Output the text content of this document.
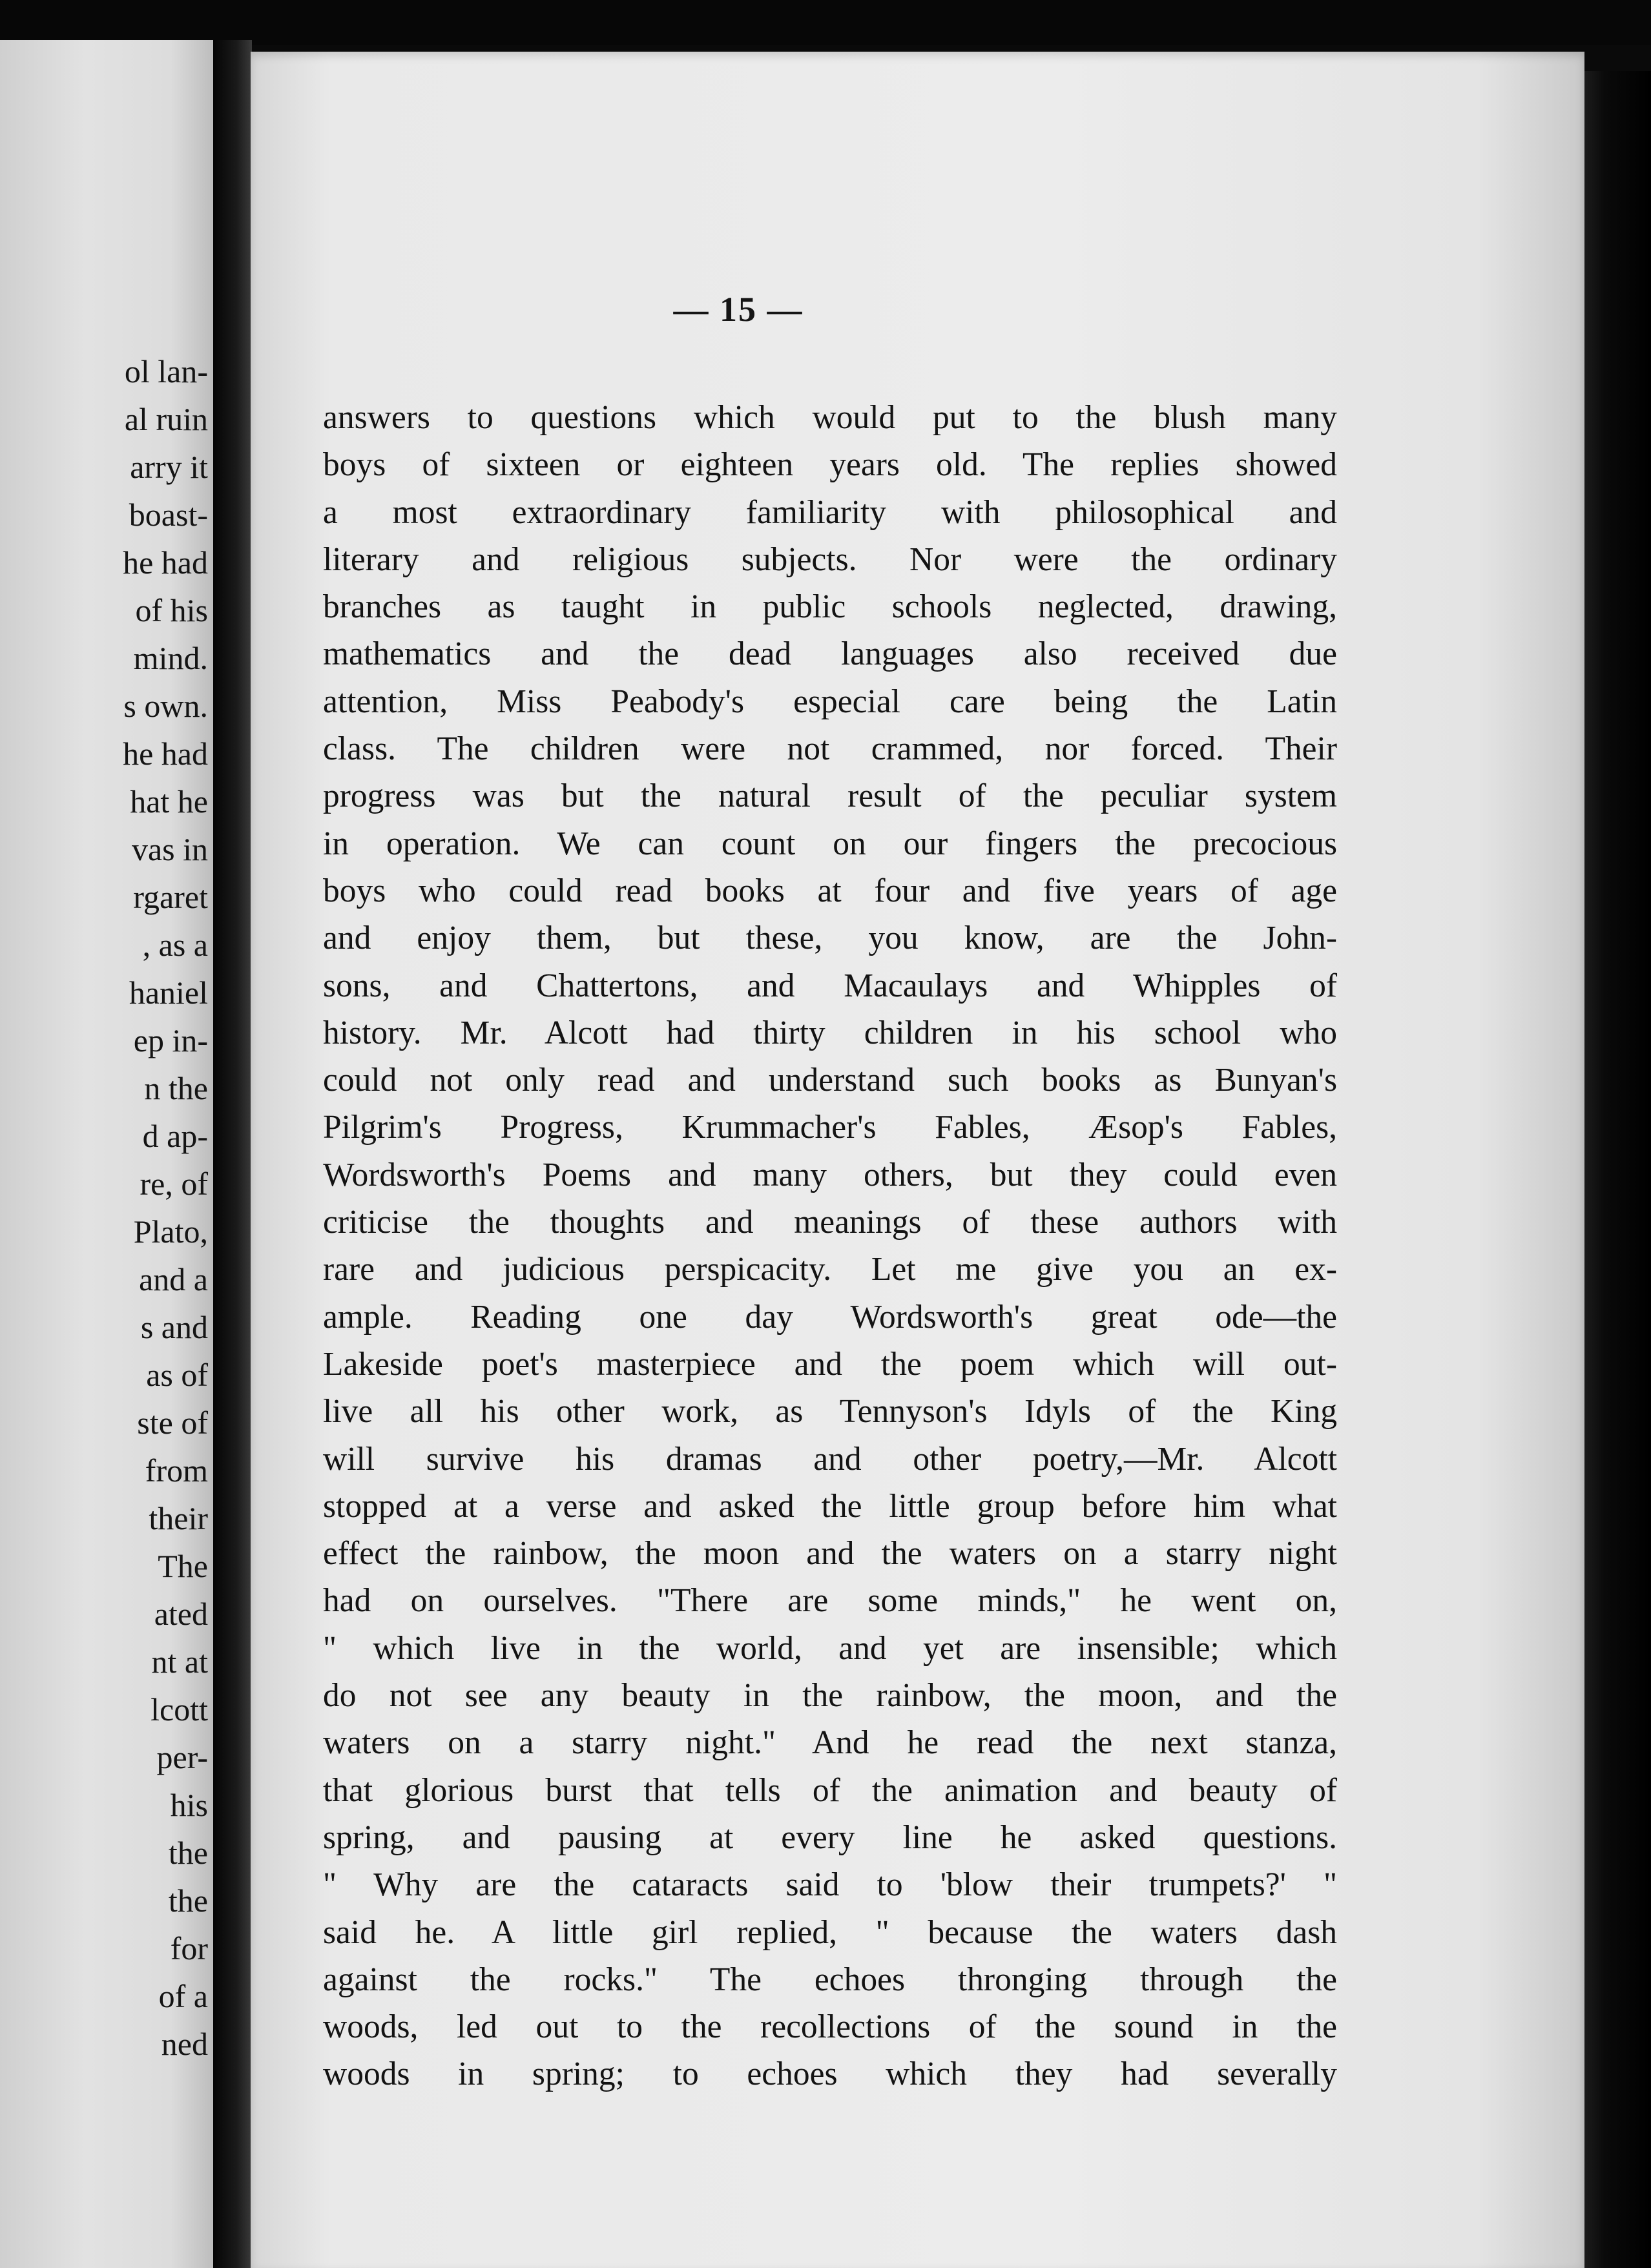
ol lan-
al ruin
arry it
boast-
he had
of his
mind.
s own.
he had
hat he
vas in
rgaret
, as a
haniel
ep in-
n the
d ap-
re, of
Plato,
and a
s and
as of
ste of
from
their
The
ated
nt at
lcott
per-
his
the
the
for
of a
ned
— 15 —
answers to questions which would put to the blush many
boys of sixteen or eighteen years old. The replies showed
a most extraordinary familiarity with philosophical and
literary and religious subjects. Nor were the ordinary
branches as taught in public schools neglected, drawing,
mathematics and the dead languages also received due
attention, Miss Peabody's especial care being the Latin
class. The children were not crammed, nor forced. Their
progress was but the natural result of the peculiar system
in operation. We can count on our fingers the precocious
boys who could read books at four and five years of age
and enjoy them, but these, you know, are the John-
sons, and Chattertons, and Macaulays and Whipples of
history. Mr. Alcott had thirty children in his school who
could not only read and understand such books as Bunyan's
Pilgrim's Progress, Krummacher's Fables, Æsop's Fables,
Wordsworth's Poems and many others, but they could even
criticise the thoughts and meanings of these authors with
rare and judicious perspicacity. Let me give you an ex-
ample. Reading one day Wordsworth's great ode—the
Lakeside poet's masterpiece and the poem which will out-
live all his other work, as Tennyson's Idyls of the King
will survive his dramas and other poetry,—Mr. Alcott
stopped at a verse and asked the little group before him what
effect the rainbow, the moon and the waters on a starry night
had on ourselves. "There are some minds," he went on,
" which live in the world, and yet are insensible; which
do not see any beauty in the rainbow, the moon, and the
waters on a starry night." And he read the next stanza,
that glorious burst that tells of the animation and beauty of
spring, and pausing at every line he asked questions.
" Why are the cataracts said to 'blow their trumpets?' "
said he. A little girl replied, " because the waters dash
against the rocks." The echoes thronging through the
woods, led out to the recollections of the sound in the
woods in spring; to echoes which they had severally
